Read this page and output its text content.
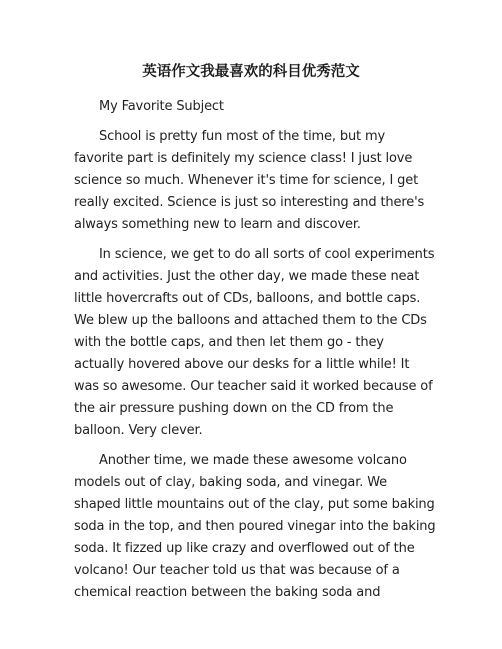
英语作文我最喜欢的科目优秀范文

My Favorite Subject

School is pretty fun most of the time, but my favorite part is definitely my science class! I just love science so much. Whenever it's time for science, I get really excited. Science is just so interesting and there's always something new to learn and discover.

In science, we get to do all sorts of cool experiments and activities. Just the other day, we made these neat little hovercrafts out of CDs, balloons, and bottle caps. We blew up the balloons and attached them to the CDs with the bottle caps, and then let them go - they actually hovered above our desks for a little while! It was so awesome. Our teacher said it worked because of the air pressure pushing down on the CD from the balloon. Very clever.

Another time, we made these awesome volcano models out of clay, baking soda, and vinegar. We shaped little mountains out of the clay, put some baking soda in the top, and then poured vinegar into the baking soda. It fizzed up like crazy and overflowed out of the volcano! Our teacher told us that was because of a chemical reaction between the baking soda and
